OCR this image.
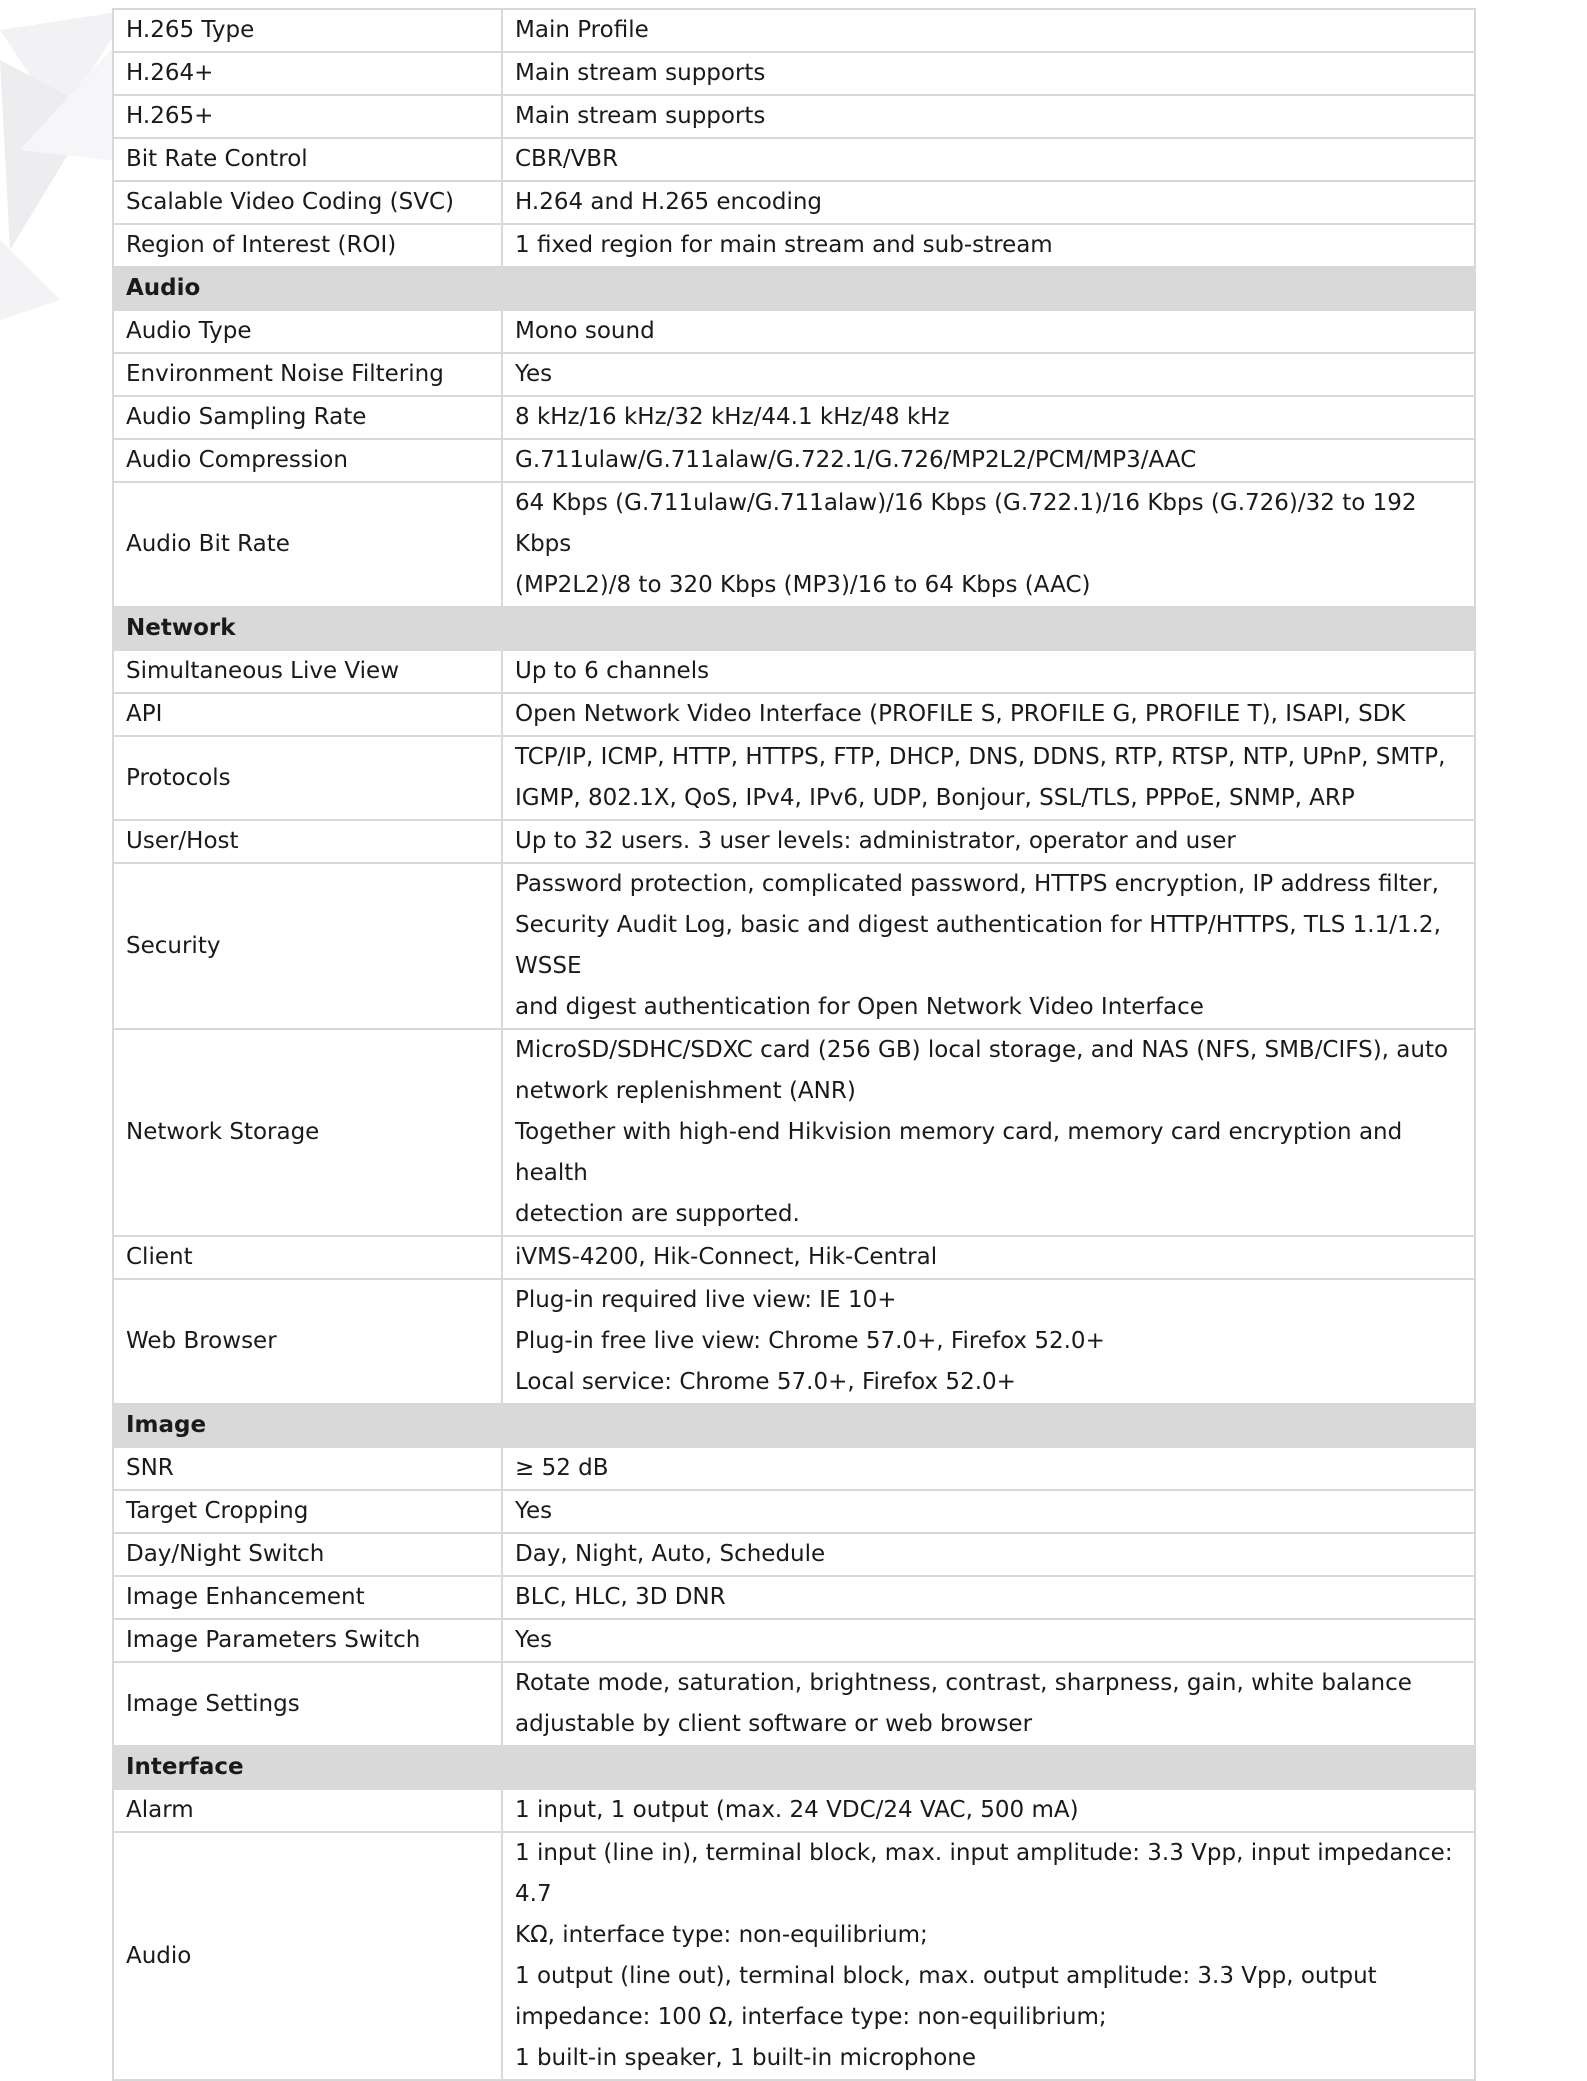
H.265 Type	Main Profile

H.264+	Main stream supports

H.265+	Main stream supports

Bit Rate Control	CBR/VBR

Scalable Video Coding (SVC)	H.264 and H.265 encoding

Region of Interest (ROI)	1 fixed region for main stream and sub-stream

Audio	
Audio Type	Mono sound

Environment Noise Filtering	Yes

Audio Sampling Rate	8 kHz/16 kHz/32 kHz/44.1 kHz/48 kHz

Audio Compression	G.711ulaw/G.711alaw/G.722.1/G.726/MP2L2/PCM/MP3/AAC

Audio Bit Rate	64 Kbps (G.711ulaw/G.711alaw)/16 Kbps (G.722.1)/16 Kbps (G.726)/32 to 192 Kbps
(MP2L2)/8 to 320 Kbps (MP3)/16 to 64 Kbps (AAC)

Network	
Simultaneous Live View	Up to 6 channels

API	Open Network Video Interface (PROFILE S, PROFILE G, PROFILE T), ISAPI, SDK

Protocols	TCP/IP, ICMP, HTTP, HTTPS, FTP, DHCP, DNS, DDNS, RTP, RTSP, NTP, UPnP, SMTP,
IGMP, 802.1X, QoS, IPv4, IPv6, UDP, Bonjour, SSL/TLS, PPPoE, SNMP, ARP

User/Host	Up to 32 users. 3 user levels: administrator, operator and user

Security	Password protection, complicated password, HTTPS encryption, IP address filter,
Security Audit Log, basic and digest authentication for HTTP/HTTPS, TLS 1.1/1.2, WSSE
and digest authentication for Open Network Video Interface

Network Storage	MicroSD/SDHC/SDXC card (256 GB) local storage, and NAS (NFS, SMB/CIFS), auto
network replenishment (ANR)
Together with high-end Hikvision memory card, memory card encryption and health
detection are supported.

Client	iVMS-4200, Hik-Connect, Hik-Central

Web Browser	Plug-in required live view: IE 10+
Plug-in free live view: Chrome 57.0+, Firefox 52.0+
Local service: Chrome 57.0+, Firefox 52.0+

Image	
SNR	≥ 52 dB

Target Cropping	Yes

Day/Night Switch	Day, Night, Auto, Schedule

Image Enhancement	BLC, HLC, 3D DNR

Image Parameters Switch	Yes

Image Settings	Rotate mode, saturation, brightness, contrast, sharpness, gain, white balance
adjustable by client software or web browser

Interface	
Alarm	1 input, 1 output (max. 24 VDC/24 VAC, 500 mA)

Audio	1 input (line in), terminal block, max. input amplitude: 3.3 Vpp, input impedance: 4.7
KΩ, interface type: non-equilibrium;
1 output (line out), terminal block, max. output amplitude: 3.3 Vpp, output
impedance: 100 Ω, interface type: non-equilibrium;
1 built-in speaker, 1 built-in microphone
